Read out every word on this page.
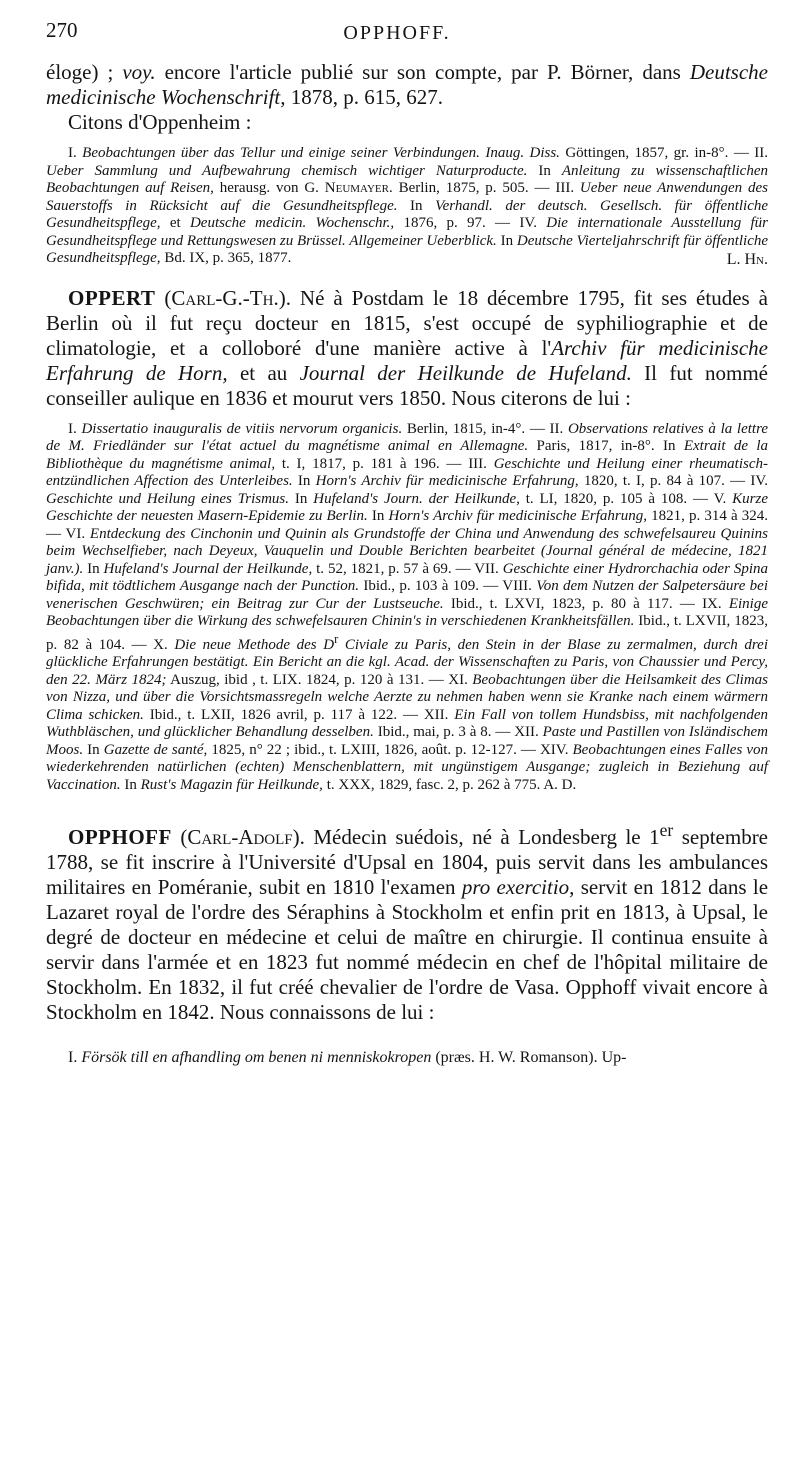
270	OPPHOFF.

éloge) ; voy. encore l'article publié sur son compte, par P. Börner, dans Deutsche medicinische Wochenschrift, 1878, p. 615, 627.

Citons d'Oppenheim :

I. Beobachtungen über das Tellur und einige seiner Verbindungen. Inaug. Diss. Göttingen, 1857, gr. in-8°. — II. Ueber Sammlung und Aufbewahrung chemisch wichtiger Naturproducte. In Anleitung zu wissenschaftlichen Beobachtungen auf Reisen, herausg. von G. Neumayer. Berlin, 1875, p. 505. — III. Ueber neue Anwendungen des Sauerstoffs in Rücksicht auf die Gesundheitspflege. In Verhandl. der deutsch. Gesellsch. für öffentliche Gesundheitspflege, et Deutsche medicin. Wochenschr., 1876, p. 97. — IV. Die internationale Ausstellung für Gesundheitspflege und Rettungswesen zu Brüssel. Allgemeiner Ueberblick. In Deutsche Vierteljahrschrift für öffentliche Gesundheitspflege, Bd. IX, p. 365, 1877.	L. Hn.

OPPERT (Carl-G.-Th.). Né à Postdam le 18 décembre 1795, fit ses études à Berlin où il fut reçu docteur en 1815, s'est occupé de syphiliographie et de climatologie, et a colloboré d'une manière active à l'Archiv für medicinische Erfahrung de Horn, et au Journal der Heilkunde de Hufeland. Il fut nommé conseiller aulique en 1836 et mourut vers 1850. Nous citerons de lui :

I. Dissertatio inauguralis de vitiis nervorum organicis. Berlin, 1815, in-4°. — II. Observations relatives à la lettre de M. Friedländer sur l'état actuel du magnétisme animal en Allemagne. Paris, 1817, in-8°. In Extrait de la Bibliothèque du magnétisme animal, t. I, 1817, p. 181 à 196. — III. Geschichte und Heilung einer rheumatisch-entzündlichen Affection des Unterleibes. In Horn's Archiv für medicinische Erfahrung, 1820, t. I, p. 84 à 107. — IV. Geschichte und Heilung eines Trismus. In Hufeland's Journ. der Heilkunde, t. LI, 1820, p. 105 à 108. — V. Kurze Geschichte der neuesten Masern-Epidemie zu Berlin. In Horn's Archiv für medicinische Erfahrung, 1821, p. 314 à 324. — VI. Entdeckung des Cinchonin und Quinin als Grundstoffe der China und Anwendung des schwefelsaureu Quinins beim Wechselfieber, nach Deyeux, Vauquelin und Double Berichten bearbeitet (Journal général de médecine, 1821 janv.). In Hufeland's Journal der Heilkunde, t. 52, 1821, p. 57 à 69. — VII. Geschichte einer Hydrorchachia oder Spina bifida, mit tödtlichem Ausgange nach der Punction. Ibid., p. 103 à 109. — VIII. Von dem Nutzen der Salpetersäure bei venerischen Geschwüren; ein Beitrag zur Cur der Lustseuche. Ibid., t. LXVI, 1823, p. 80 à 117. — IX. Einige Beobachtungen über die Wirkung des schwefelsauren Chinin's in verschiedenen Krankheitsfällen. Ibid., t. LXVII, 1823, p. 82 à 104. — X. Die neue Methode des $D^r$ Civiale zu Paris, den Stein in der Blase zu zermalmen, durch drei glückliche Erfahrungen bestätigt. Ein Bericht an die kgl. Acad. der Wissenschaften zu Paris, von Chaussier und Percy, den 22. März 1824; Auszug, ibid , t. LIX. 1824, p. 120 à 131. — XI. Beobachtungen über die Heilsamkeit des Climas von Nizza, und über die Vorsichtsmassregeln welche Aerzte zu nehmen haben wenn sie Kranke nach einem wärmern Clima schicken. Ibid., t. LXII, 1826 avril, p. 117 à 122. — XII. Ein Fall von tollem Hundsbiss, mit nachfolgenden Wuthbläschen, und glücklicher Behandlung desselben. Ibid., mai, p. 3 à 8. — XII. Paste und Pastillen von Isländischem Moos. In Gazette de santé, 1825, n° 22 ; ibid., t. LXIII, 1826, août. p. 12-127. — XIV. Beobachtungen eines Falles von wiederkehrenden natürlichen (echten) Menschenblattern, mit ungünstigem Ausgange; zugleich in Beziehung auf Vaccination. In Rust's Magazin für Heilkunde, t. XXX, 1829, fasc. 2, p. 262 à 775. A. D.

OPPHOFF (Carl-Adolf). Médecin suédois, né à Londesberg le 1er septembre 1788, se fit inscrire à l'Université d'Upsal en 1804, puis servit dans les ambulances militaires en Poméranie, subit en 1810 l'examen pro exercitio, servit en 1812 dans le Lazaret royal de l'ordre des Séraphins à Stockholm et enfin prit en 1813, à Upsal, le degré de docteur en médecine et celui de maître en chirurgie. Il continua ensuite à servir dans l'armée et en 1823 fut nommé médecin en chef de l'hôpital militaire de Stockholm. En 1832, il fut créé chevalier de l'ordre de Vasa. Opphoff vivait encore à Stockholm en 1842. Nous connaissons de lui :

I. Försök till en afhandling om benen ni menniskokropen (præs. H. W. Romanson). Up-
